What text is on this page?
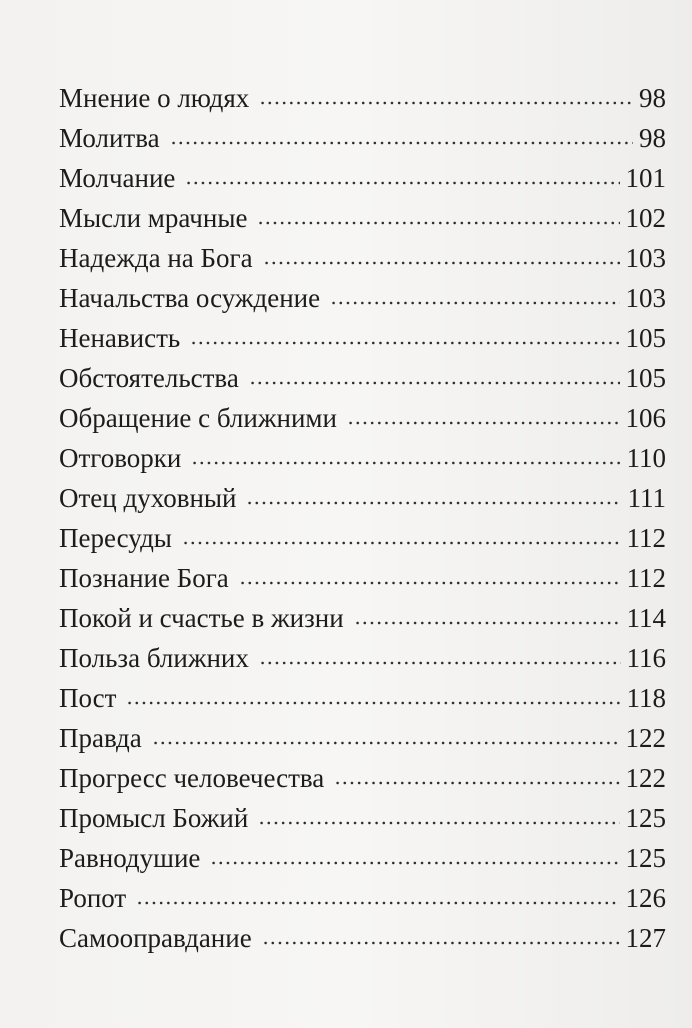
Мнение о людях	98
Молитва	98
Молчание	101
Мысли мрачные	102
Надежда на Бога	103
Начальства осуждение	103
Ненависть	105
Обстоятельства	105
Обращение с ближними	106
Отговорки	110
Отец духовный	111
Пересуды	112
Познание Бога	112
Покой и счастье в жизни	114
Польза ближних	116
Пост	118
Правда	122
Прогресс человечества	122
Промысл Божий	125
Равнодушие	125
Ропот	126
Самооправдание	127
